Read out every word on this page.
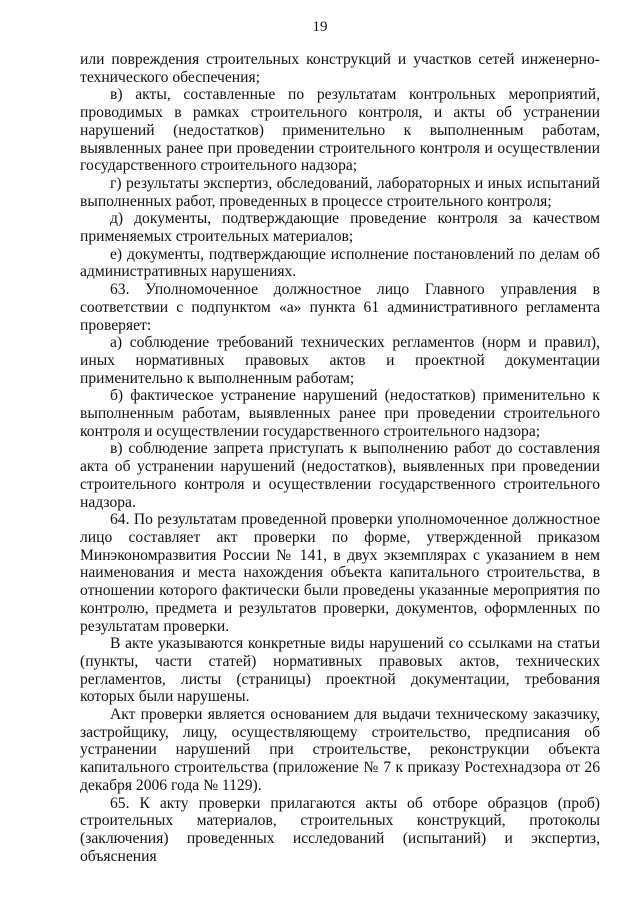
19

или повреждения строительных конструкций и участков сетей инженерно-технического обеспечения;

в) акты, составленные по результатам контрольных мероприятий, проводимых в рамках строительного контроля, и акты об устранении нарушений (недостатков) применительно к выполненным работам, выявленных ранее при проведении строительного контроля и осуществлении государственного строительного надзора;

г) результаты экспертиз, обследований, лабораторных и иных испытаний выполненных работ, проведенных в процессе строительного контроля;

д) документы, подтверждающие проведение контроля за качеством применяемых строительных материалов;

е) документы, подтверждающие исполнение постановлений по делам об административных нарушениях.

63. Уполномоченное должностное лицо Главного управления в соответствии с подпунктом «а» пункта 61 административного регламента проверяет:

а) соблюдение требований технических регламентов (норм и правил), иных нормативных правовых актов и проектной документации применительно к выполненным работам;

б) фактическое устранение нарушений (недостатков) применительно к выполненным работам, выявленных ранее при проведении строительного контроля и осуществлении государственного строительного надзора;

в) соблюдение запрета приступать к выполнению работ до составления акта об устранении нарушений (недостатков), выявленных при проведении строительного контроля и осуществлении государственного строительного надзора.

64. По результатам проведенной проверки уполномоченное должностное лицо составляет акт проверки по форме, утвержденной приказом Минэкономразвития России № 141, в двух экземплярах с указанием в нем наименования и места нахождения объекта капитального строительства, в отношении которого фактически были проведены указанные мероприятия по контролю, предмета и результатов проверки, документов, оформленных по результатам проверки.

В акте указываются конкретные виды нарушений со ссылками на статьи (пункты, части статей) нормативных правовых актов, технических регламентов, листы (страницы) проектной документации, требования которых были нарушены.

Акт проверки является основанием для выдачи техническому заказчику, застройщику, лицу, осуществляющему строительство, предписания об устранении нарушений при строительстве, реконструкции объекта капитального строительства (приложение № 7 к приказу Ростехнадзора от 26 декабря 2006 года № 1129).

65. К акту проверки прилагаются акты об отборе образцов (проб) строительных материалов, строительных конструкций, протоколы (заключения) проведенных исследований (испытаний) и экспертиз, объяснения
